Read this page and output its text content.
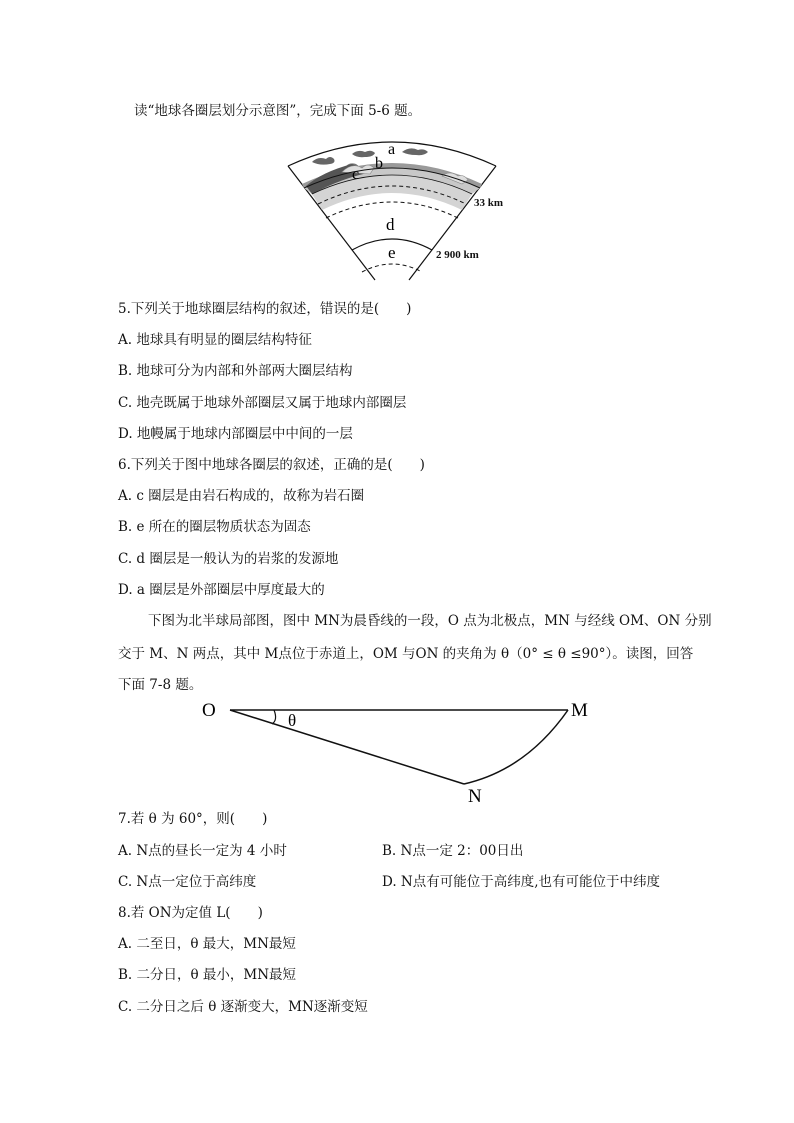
读“地球各圈层划分示意图”，完成下面 5-6 题。
a
b
c
d
e
33 km
2 900 km
5.下列关于地球圈层结构的叙述，错误的是(　　)
A. 地球具有明显的圈层结构特征
B. 地球可分为内部和外部两大圈层结构
C. 地壳既属于地球外部圈层又属于地球内部圈层
D. 地幔属于地球内部圈层中中间的一层
6.下列关于图中地球各圈层的叙述，正确的是(　　)
A. c 圈层是由岩石构成的，故称为岩石圈
B. e 所在的圈层物质状态为固态
C. d 圈层是一般认为的岩浆的发源地
D. a 圈层是外部圈层中厚度最大的
下图为北半球局部图，图中 MN为晨昏线的一段，O 点为北极点，MN 与经线 OM、ON 分别
交于 M、N 两点，其中 M点位于赤道上，OM 与ON 的夹角为 θ（0° ≤ θ ≤90°）。读图，回答
下面 7-8 题。
O	M
N
θ
7.若 θ 为 60°，则(　　)
A. N点的昼长一定为 4 小时	B. N点一定 2：00日出
C. N点一定位于高纬度	D. N点有可能位于高纬度,也有可能位于中纬度
8.若 ON为定值 L(　　)
A. 二至日，θ 最大，MN最短
B. 二分日，θ 最小，MN最短
C. 二分日之后 θ 逐渐变大，MN逐渐变短
